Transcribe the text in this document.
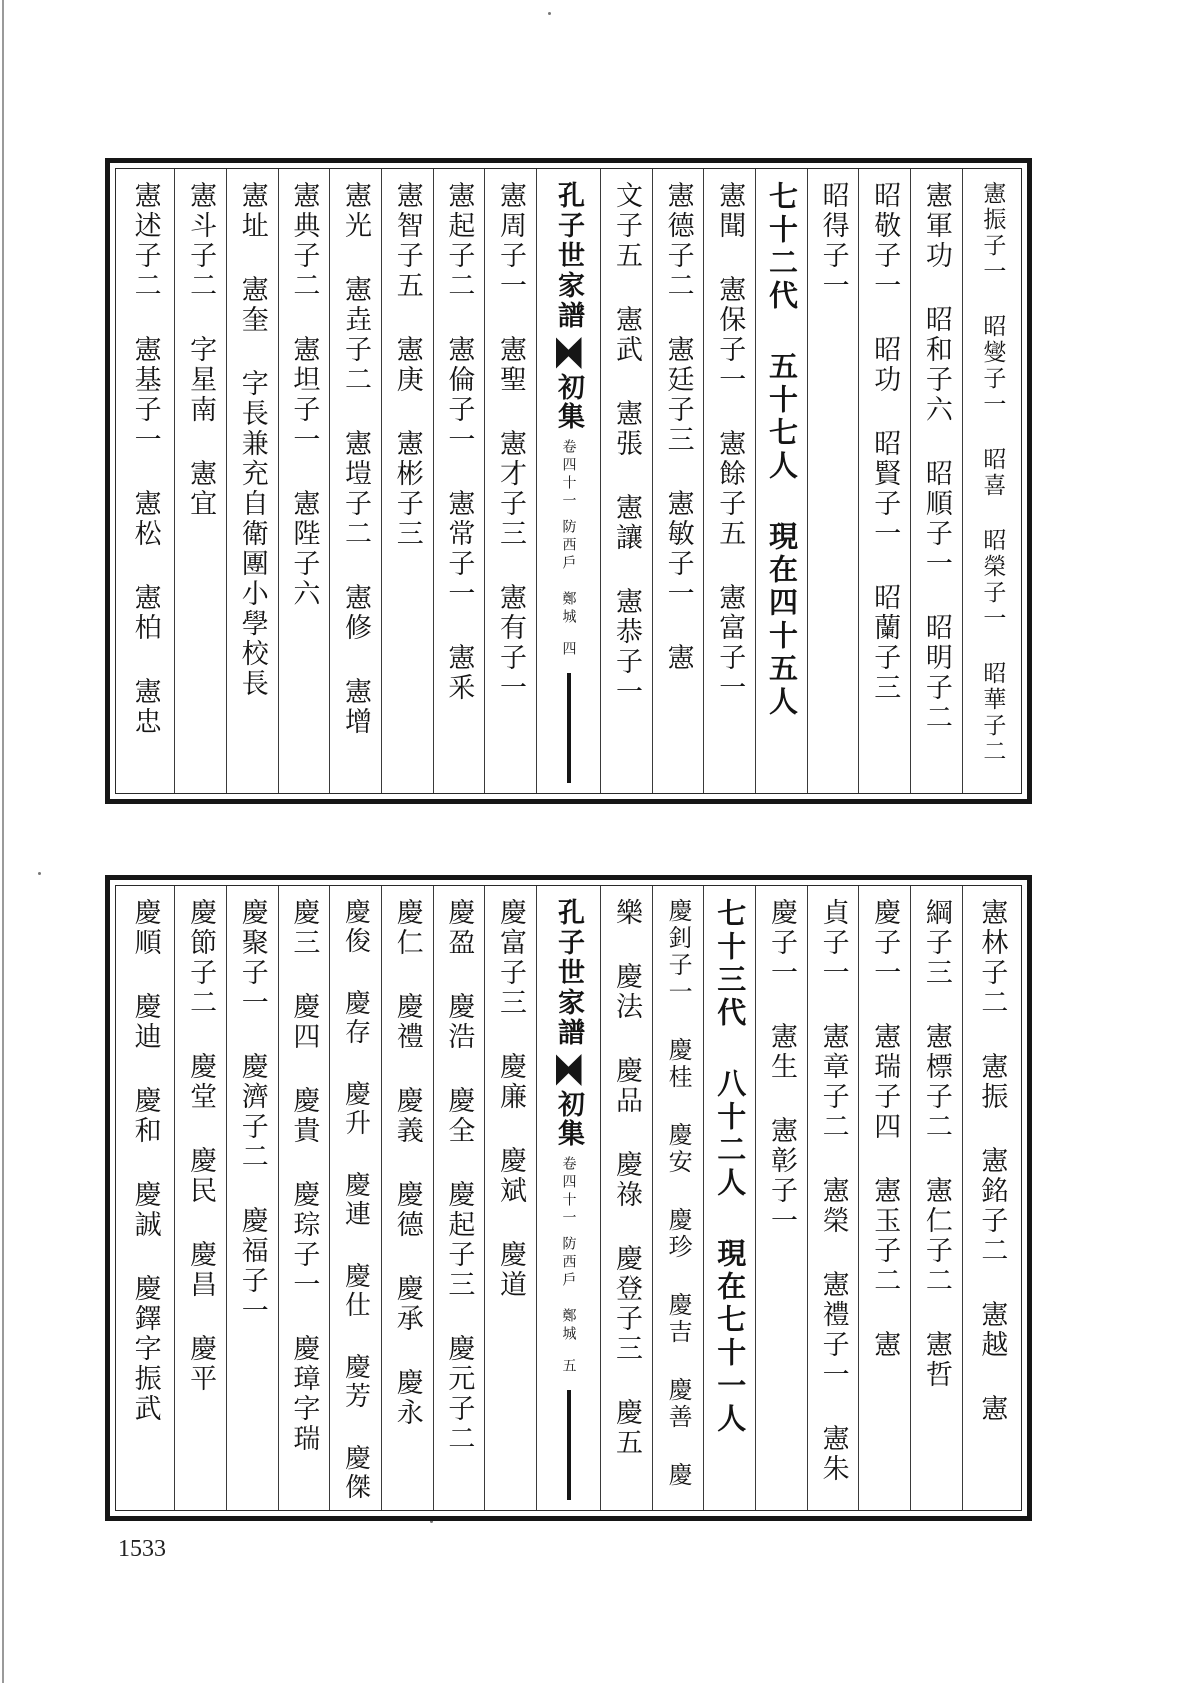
憲振子一 昭燮子一 昭喜 昭榮子一 昭華子二
憲軍功 昭和子六 昭順子一 昭明子二
昭敬子一 昭功 昭賢子一 昭蘭子三
昭得子一
七十二代 五十七人 現在四十五人
憲聞 憲保子一 憲餘子五 憲富子一
憲德子二 憲廷子三 憲敏子一 憲
文子五 憲武 憲張 憲讓 憲恭子一
孔子世家譜
初集
卷四十一
防西戶　鄭城
四
憲周子一 憲聖 憲才子三 憲有子一
憲起子二 憲倫子一 憲常子一 憲釆
憲智子五 憲庚 憲彬子三
憲光 憲垚子二 憲塏子二 憲修 憲增
憲典子二 憲坦子一 憲陛子六
憲址 憲奎 字長兼充自衛團小學校長
憲斗子二 字星南 憲宜
憲述子二 憲基子一 憲松 憲柏 憲忠
憲林子二 憲振 憲銘子二 憲越 憲
綱子三 憲標子二 憲仁子二 憲哲
慶子一 憲瑞子四 憲玉子二 憲
貞子一 憲章子二 憲榮 憲禮子一 憲朱
慶子一 憲生 憲彰子一
七十三代 八十二人 現在七十一人
慶釗子一 慶桂 慶安 慶珍 慶吉 慶善 慶
樂 慶法 慶品 慶祿 慶登子三 慶五
孔子世家譜
初集
卷四十一
防西戶　鄭城
五
慶富子三 慶廉 慶斌 慶道
慶盈 慶浩 慶全 慶起子三 慶元子二
慶仁 慶禮 慶義 慶德 慶承 慶永
慶俊 慶存 慶升 慶連 慶仕 慶芳 慶傑
慶三 慶四 慶貴 慶琮子一 慶璋字瑞
慶聚子一 慶濟子二 慶福子一
慶節子二 慶堂 慶民 慶昌 慶平
慶順 慶迪 慶和 慶誠 慶鐸字振武
1533
